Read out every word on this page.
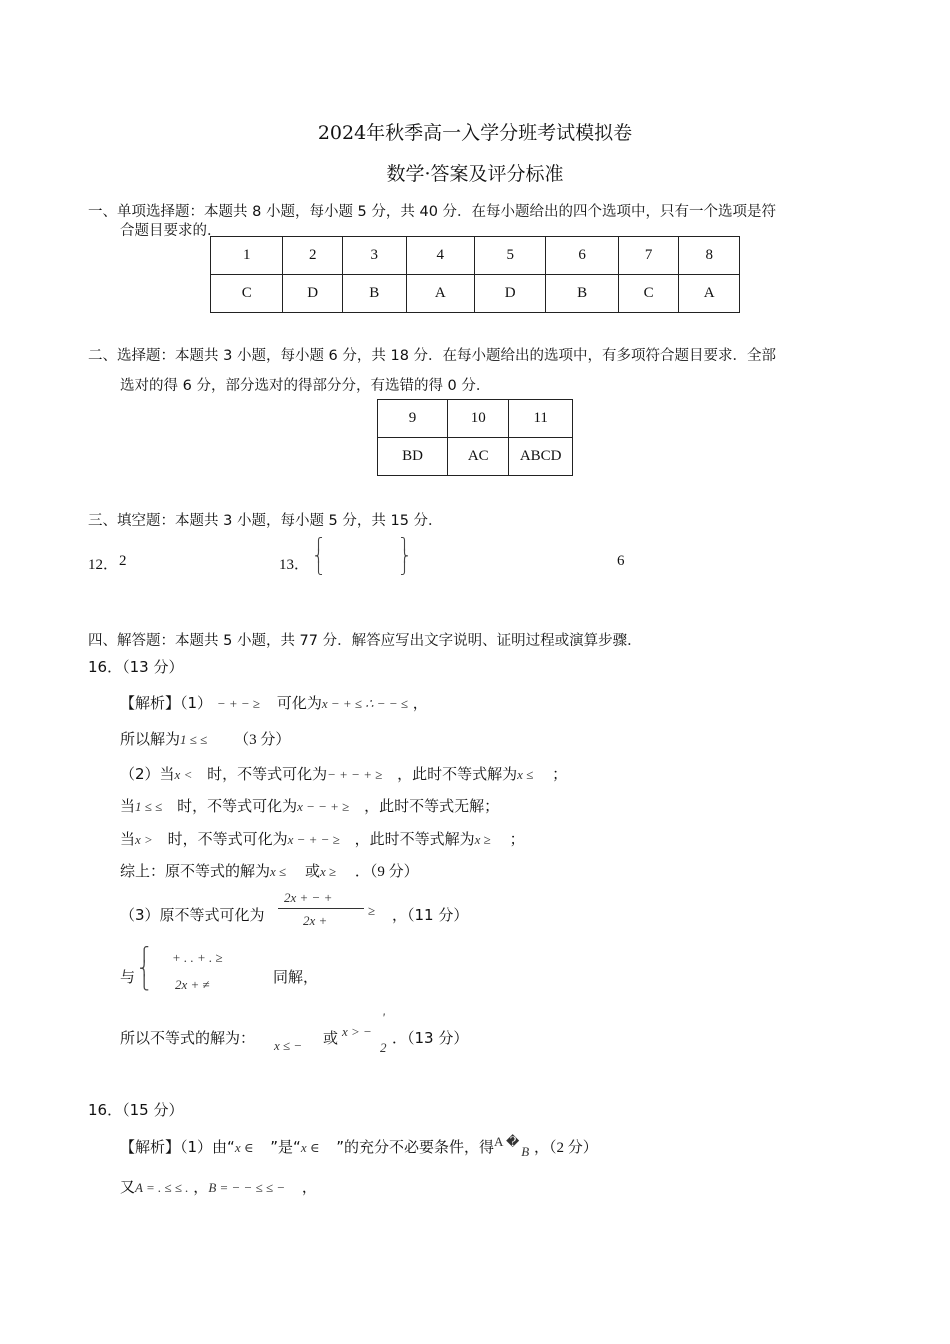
2024年秋季高一入学分班考试模拟卷
数学·答案及评分标准
一、单项选择题：本题共 8 小题，每小题 5 分，共 40 分．在每小题给出的四个选项中，只有一个选项是符
合题目要求的．
1	2	3	4	5	6	7	8
C	D	B	A	D	B	C	A
二、选择题：本题共 3 小题，每小题 6 分，共 18 分．在每小题给出的选项中，有多项符合题目要求．全部
选对的得 6 分，部分选对的得部分分，有选错的得 0 分．
9	10	11
BD	AC	ABCD
三、填空题：本题共 3 小题，每小题 5 分，共 15 分．
12． 2	13．
⎧
⎨
⎩
⎫
⎬
⎭	6
四、解答题：本题共 5 小题，共 77 分．解答应写出文字说明、证明过程或演算步骤．
16．（13 分）
【解析】（1） − + − ≥ 可化为x − + ≤ ∴ − − ≤ ，
所以解为1 ≤ ≤ （3 分）
（2）当x < 时，不等式可化为− + − + ≥ ，此时不等式解为x ≤ ；
当1 ≤ ≤ 时，不等式可化为x − − + ≥ ，此时不等式无解；
当x > 时，不等式可化为x − + − ≥ ，此时不等式解为x ≥ ；
综上：原不等式的解为x ≤ 或x ≥ ．（9 分）
（3）原不等式可化为
2x + − +
2x +
≥ ，（11 分）
与
⎧
⎨
⎩
+ . . + . ≥
2x + ≠	同解，
所以不等式的解为： x ≤ − 或 x > −
'
2
．（13 分）
16．（15 分）
【解析】（1）由“x ∈ ”是“x ∈ ”的充分不必要条件，得A �B ，（2 分）
又A = . ≤ ≤ . ，B = − − ≤ ≤ − ，
